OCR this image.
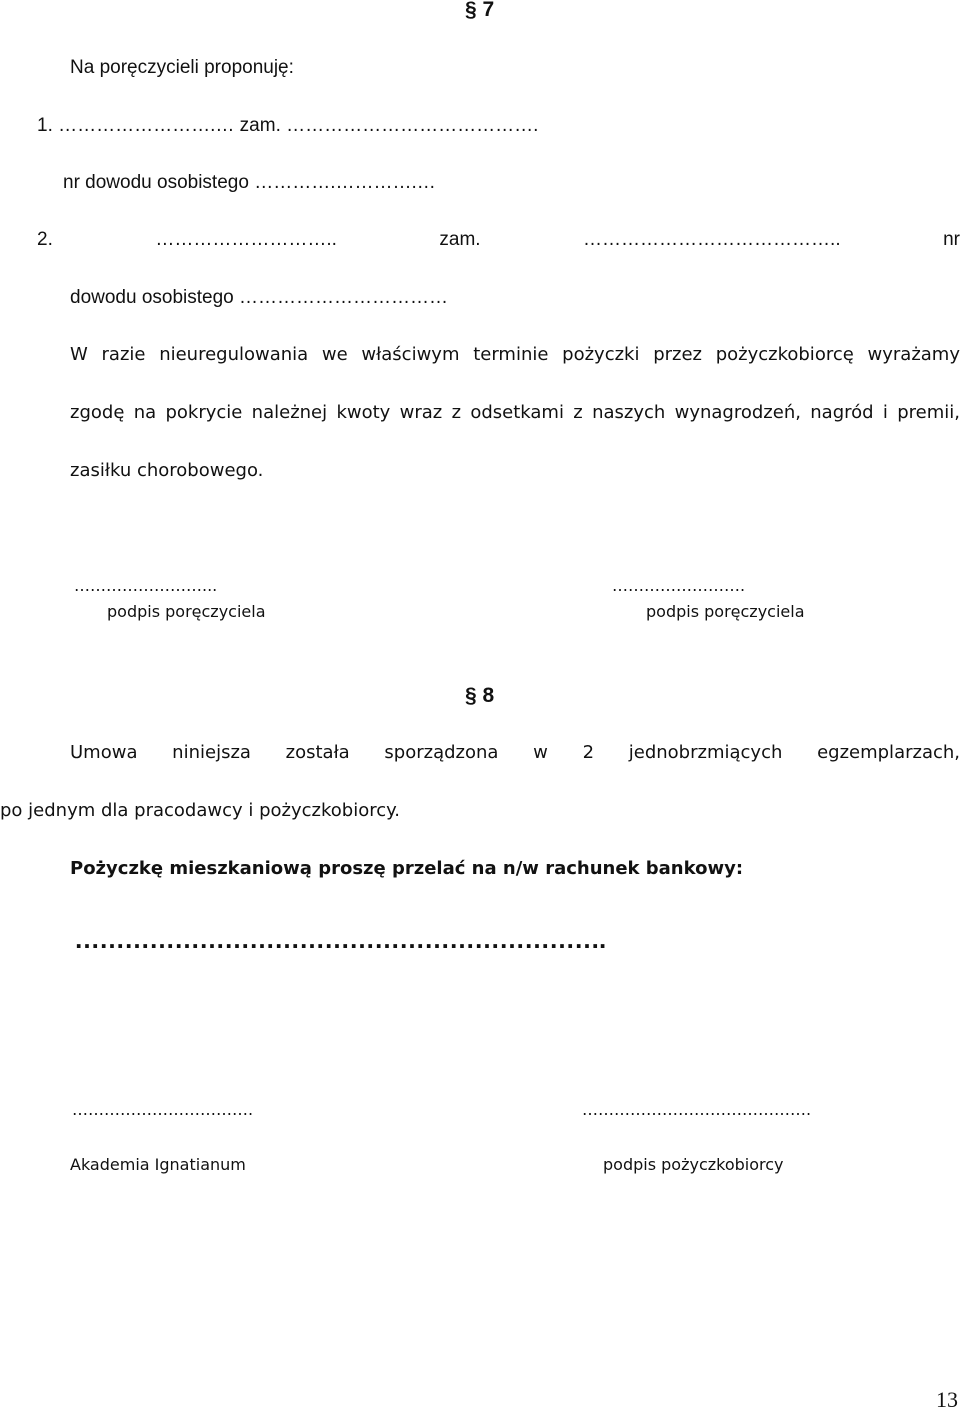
§ 7
Na poręczycieli proponuję:
1. …………………….… zam. ………………………………….
nr dowodu osobistego ………….………….…
2. ……………………….. zam. ………………………………….. nr
dowodu osobistego ……………………………
W razie nieuregulowania we właściwym terminie pożyczki przez pożyczkobiorcę wyrażamy
zgodę na pokrycie należnej kwoty wraz z odsetkami z naszych wynagrodzeń, nagród i premii,
zasiłku chorobowego.
……………………...
podpis poręczyciela
…………………….
podpis poręczyciela
§ 8
Umowa niniejsza została sporządzona w 2 jednobrzmiących egzemplarzach,
po jednym dla pracodawcy i pożyczkobiorcy.
Pożyczkę mieszkaniową proszę przelać na n/w rachunek bankowy:
……………………………………………………….
…………………………….
Akademia Ignatianum
…………………………………….
podpis pożyczkobiorcy
13
